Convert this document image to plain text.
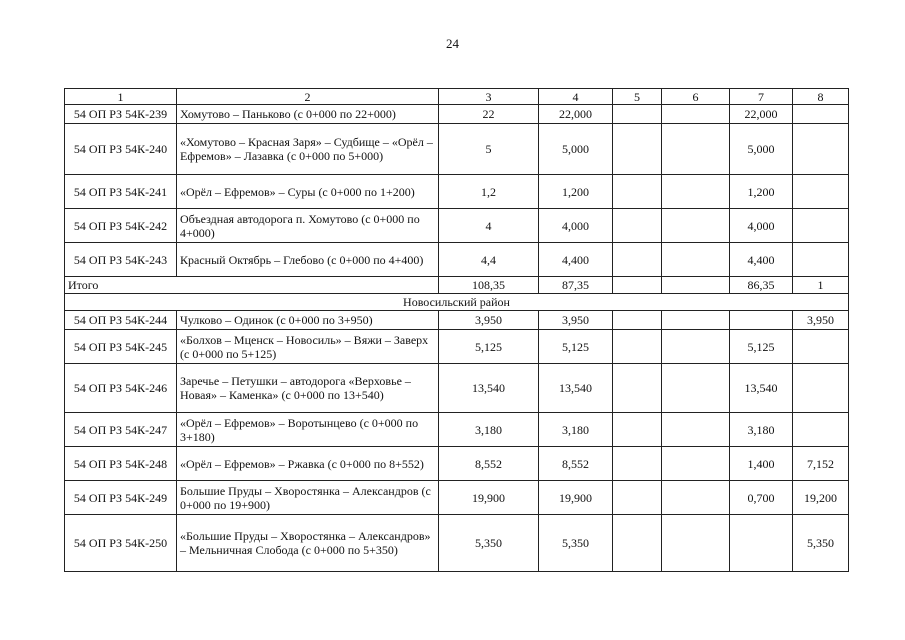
24
1	2	3	4	5	6	7	8
54 ОП РЗ 54К-239	Хомутово – Паньково (с 0+000 по 22+000)	22	22,000			22,000	
54 ОП РЗ 54К-240	«Хомутово – Красная Заря» – Судбище – «Орёл – Ефремов» – Лазавка (с 0+000 по 5+000)	5	5,000			5,000	
54 ОП РЗ 54К-241	«Орёл – Ефремов» – Суры (с 0+000 по 1+200)	1,2	1,200			1,200	
54 ОП РЗ 54К-242	Объездная автодорога п. Хомутово (с 0+000 по 4+000)	4	4,000			4,000	
54 ОП РЗ 54К-243	Красный Октябрь – Глебово (с 0+000 по 4+400)	4,4	4,400			4,400	
Итого		108,35	87,35			86,35	1
Новосильский район							
54 ОП РЗ 54К-244	Чулково – Одинок (с 0+000 по 3+950)	3,950	3,950				3,950
54 ОП РЗ 54К-245	«Болхов – Мценск – Новосиль» – Вяжи – Заверх (с 0+000 по 5+125)	5,125	5,125			5,125	
54 ОП РЗ 54К-246	Заречье – Петушки – автодорога «Верховье – Новая» – Каменка» (с 0+000 по 13+540)	13,540	13,540			13,540	
54 ОП РЗ 54К-247	«Орёл – Ефремов» – Воротынцево (с 0+000 по 3+180)	3,180	3,180			3,180	
54 ОП РЗ 54К-248	«Орёл – Ефремов» – Ржавка (с 0+000 по 8+552)	8,552	8,552			1,400	7,152
54 ОП РЗ 54К-249	Большие Пруды – Хворостянка – Александров (с 0+000 по 19+900)	19,900	19,900			0,700	19,200
54 ОП РЗ 54К-250	«Большие Пруды – Хворостянка – Александров» – Мельничная Слобода (с 0+000 по 5+350)	5,350	5,350				5,350
